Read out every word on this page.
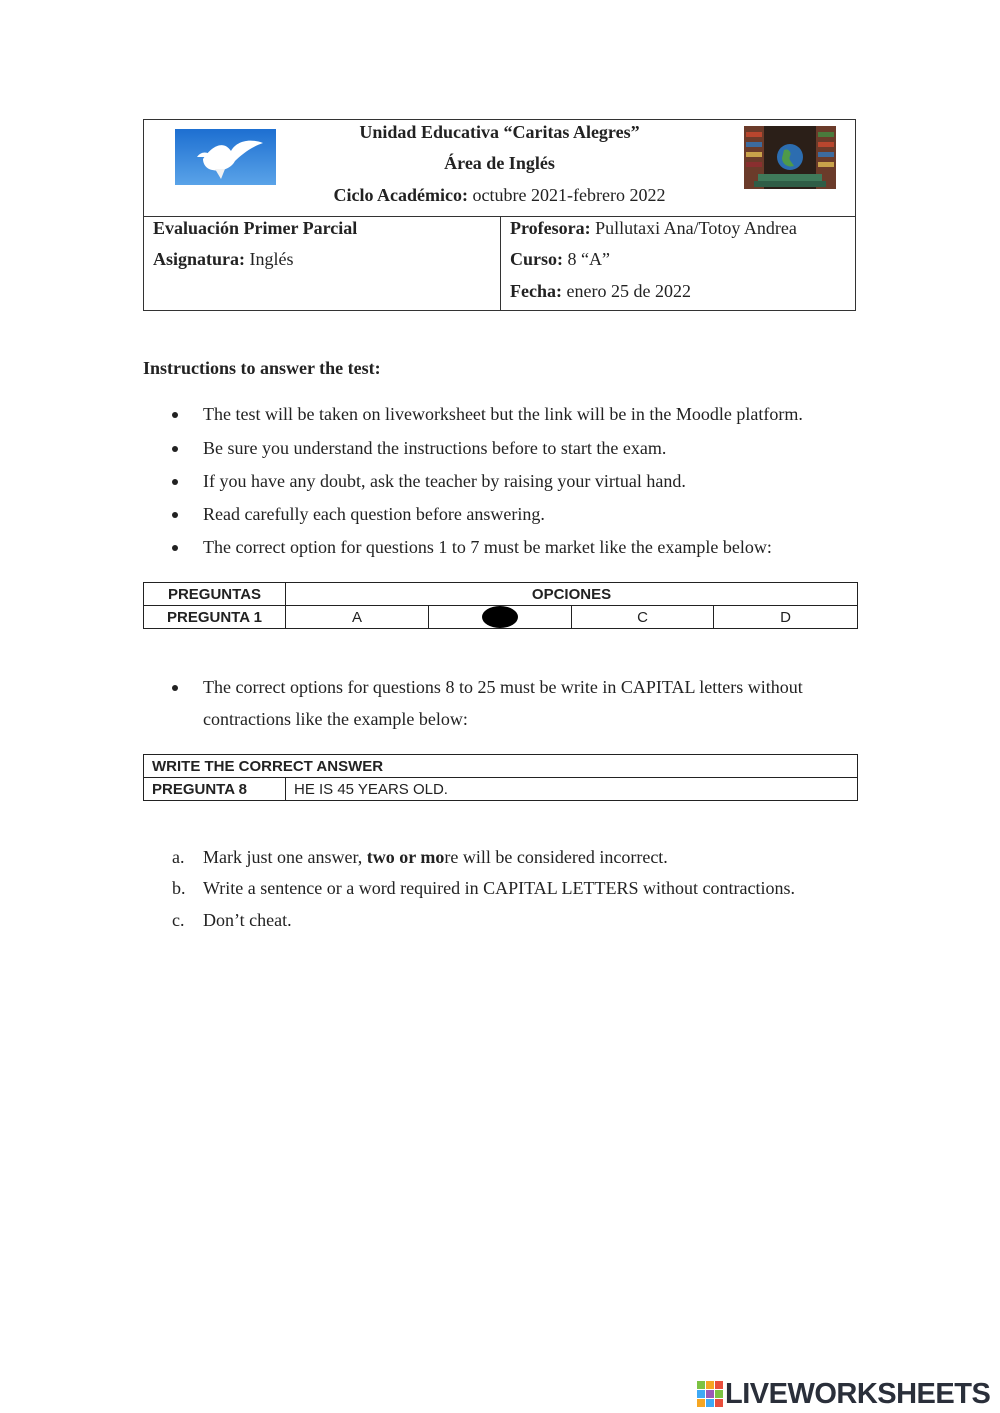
Unidad Educativa “Caritas Alegres”
Área de Inglés
Ciclo Académico: octubre 2021-febrero 2022
Evaluación Primer Parcial
Asignatura: Inglés
Profesora: Pullutaxi Ana/Totoy Andrea
Curso: 8 “A”
Fecha: enero 25 de 2022
Instructions to answer the test:
The test will be taken on liveworksheet but the link will be in the Moodle platform.
Be sure you understand the instructions before to start the exam.
If you have any doubt, ask the teacher by raising your virtual hand.
Read carefully each question before answering.
The correct option for questions 1 to 7 must be market like the example below:
PREGUNTAS	OPCIONES			
PREGUNTA 1	A		C	D
The correct options for questions 8 to 25 must be write in CAPITAL letters without
contractions like the example below:
WRITE THE CORRECT ANSWER
PREGUNTA 8	HE IS 45 YEARS OLD.
a. Mark just one answer, two or more will be considered incorrect.
b. Write a sentence or a word required in CAPITAL LETTERS without contractions.
c. Don’t cheat.
LIVEWORKSHEETS
